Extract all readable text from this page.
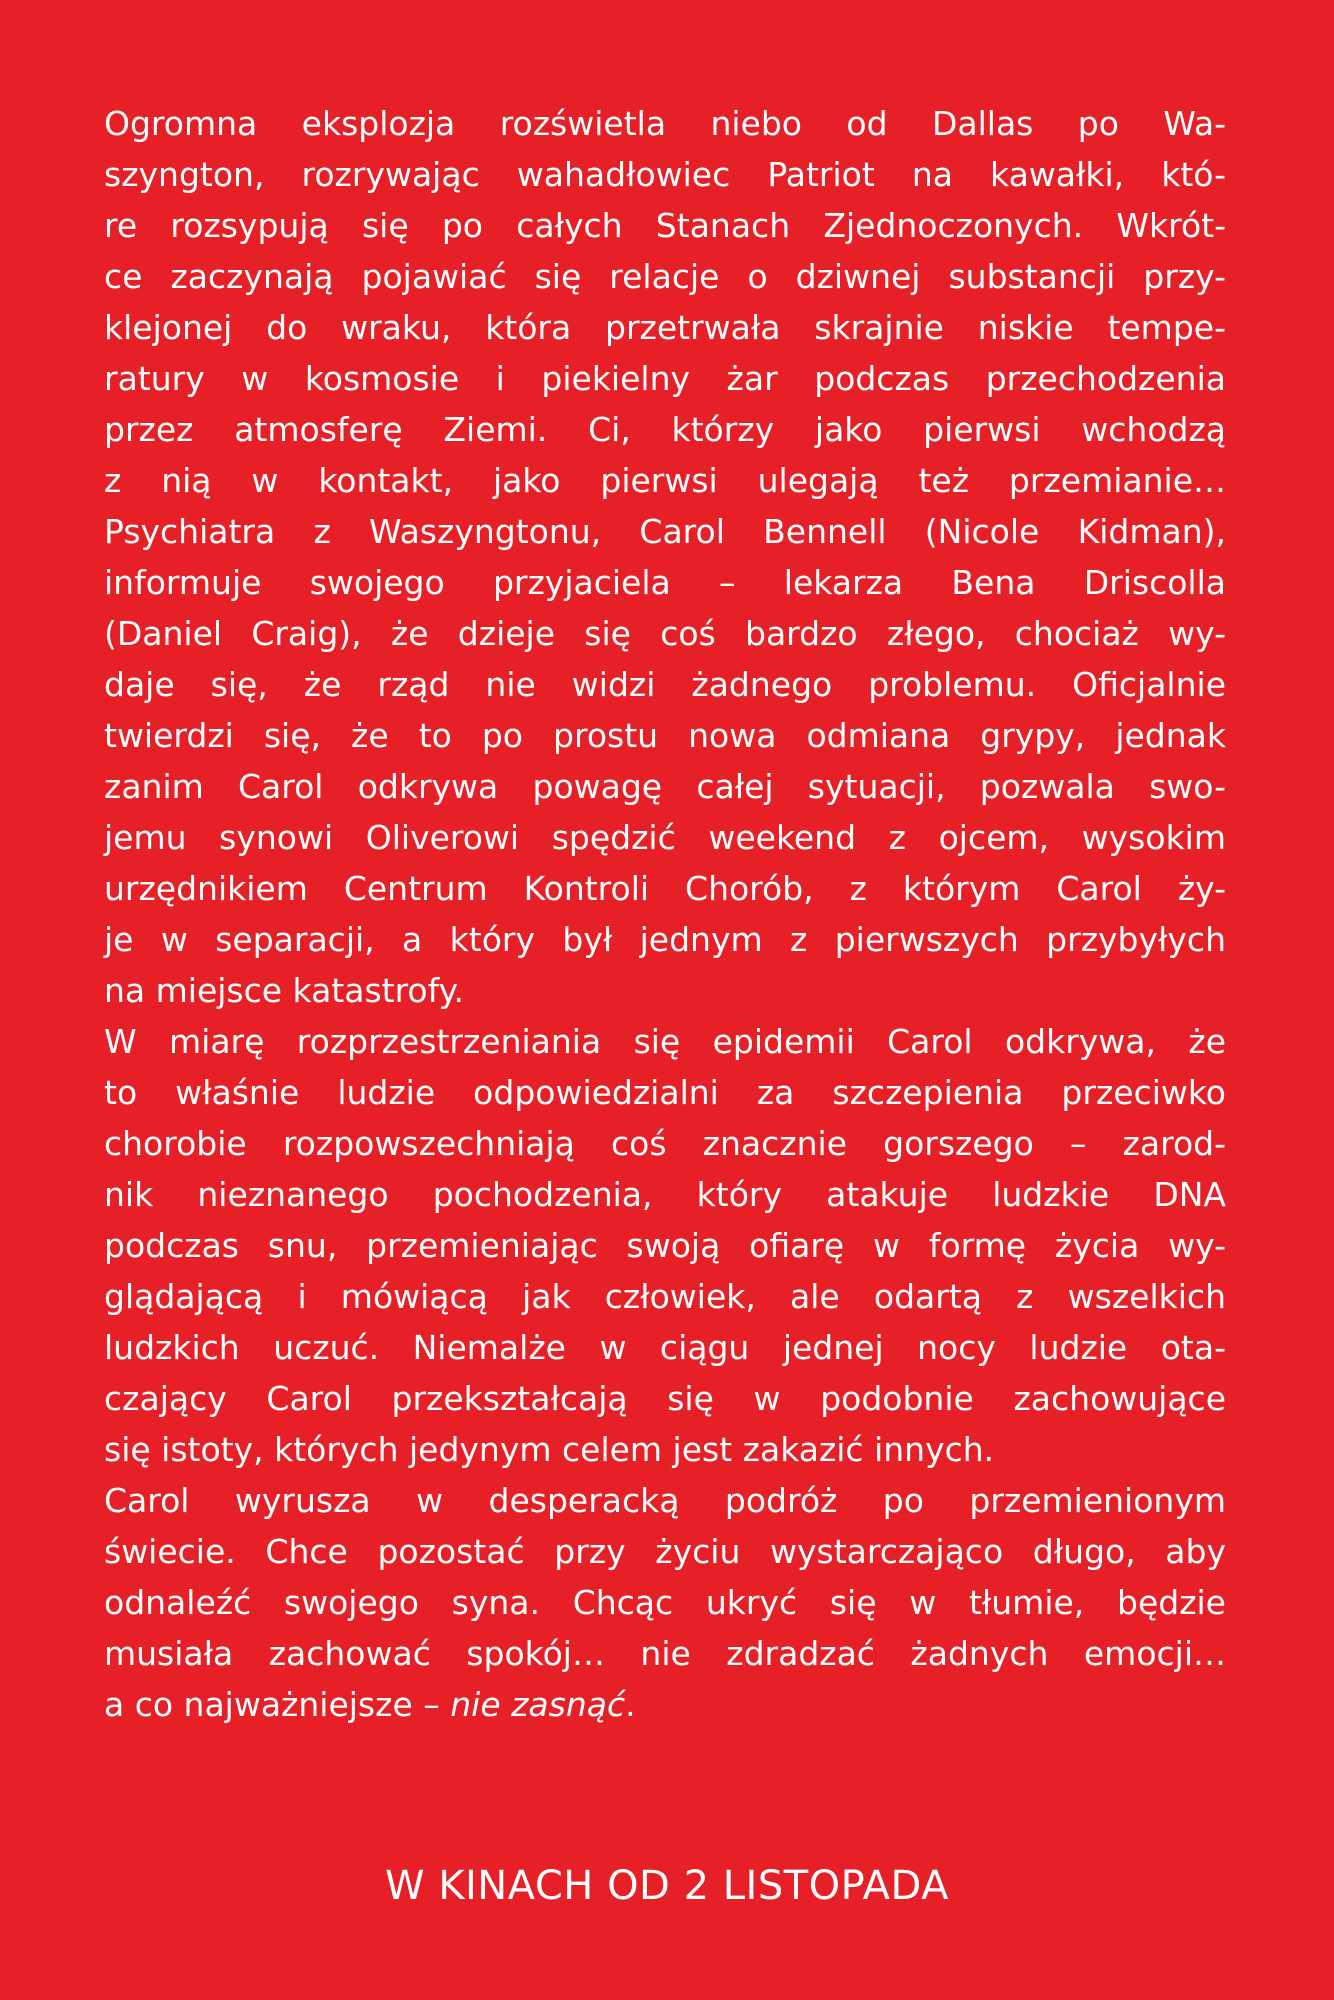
Ogromna eksplozja rozświetla niebo od Dallas po Wa-
szyngton, rozrywając wahadłowiec Patriot na kawałki, któ-
re rozsypują się po całych Stanach Zjednoczonych. Wkrót-
ce zaczynają pojawiać się relacje o dziwnej substancji przy-
klejonej do wraku, która przetrwała skrajnie niskie tempe-
ratury w kosmosie i piekielny żar podczas przechodzenia
przez atmosferę Ziemi. Ci, którzy jako pierwsi wchodzą
z nią w kontakt, jako pierwsi ulegają też przemianie…
Psychiatra z Waszyngtonu, Carol Bennell (Nicole Kidman),
informuje swojego przyjaciela – lekarza Bena Driscolla
(Daniel Craig), że dzieje się coś bardzo złego, chociaż wy-
daje się, że rząd nie widzi żadnego problemu. Oficjalnie
twierdzi się, że to po prostu nowa odmiana grypy, jednak
zanim Carol odkrywa powagę całej sytuacji, pozwala swo-
jemu synowi Oliverowi spędzić weekend z ojcem, wysokim
urzędnikiem Centrum Kontroli Chorób, z którym Carol ży-
je w separacji, a który był jednym z pierwszych przybyłych
na miejsce katastrofy.
W miarę rozprzestrzeniania się epidemii Carol odkrywa, że
to właśnie ludzie odpowiedzialni za szczepienia przeciwko
chorobie rozpowszechniają coś znacznie gorszego – zarod-
nik nieznanego pochodzenia, który atakuje ludzkie DNA
podczas snu, przemieniając swoją ofiarę w formę życia wy-
glądającą i mówiącą jak człowiek, ale odartą z wszelkich
ludzkich uczuć. Niemalże w ciągu jednej nocy ludzie ota-
czający Carol przekształcają się w podobnie zachowujące
się istoty, których jedynym celem jest zakazić innych.
Carol wyrusza w desperacką podróż po przemienionym
świecie. Chce pozostać przy życiu wystarczająco długo, aby
odnaleźć swojego syna. Chcąc ukryć się w tłumie, będzie
musiała zachować spokój… nie zdradzać żadnych emocji…
a co najważniejsze – nie zasnąć.
W KINACH OD 2 LISTOPADA
